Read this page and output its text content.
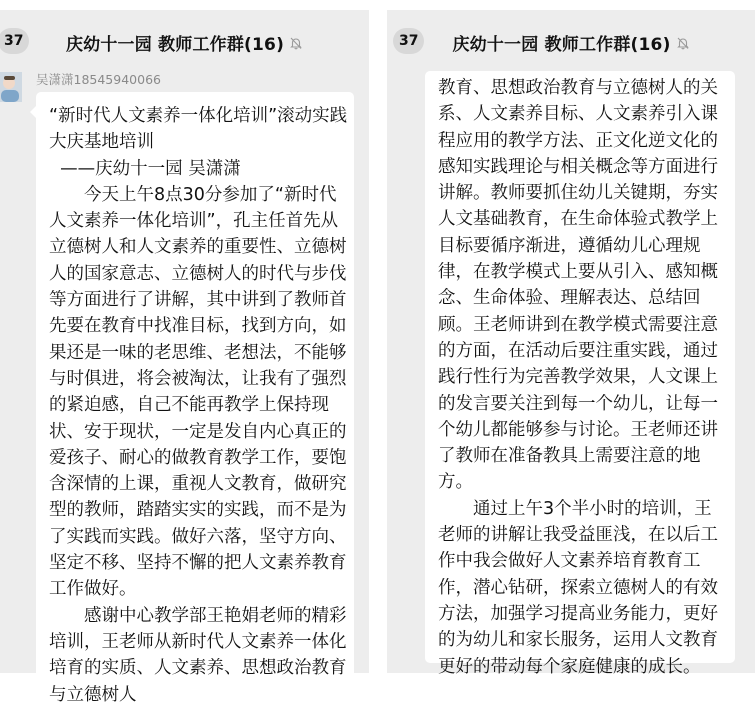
37	庆幼十一园 教师工作群(16)
吴潇潇18545940066

“新时代人文素养一体化培训”滚动实践 大庆基地培训

——庆幼十一园 吴潇潇

　　今天上午8点30分参加了“新时代人文素养一体化培训”，孔主任首先从立德树人和人文素养的重要性、立德树人的国家意志、立德树人的时代与步伐等方面进行了讲解，其中讲到了教师首先要在教育中找准目标，找到方向，如果还是一味的老思维、老想法，不能够与时俱进，将会被淘汰，让我有了强烈的紧迫感，自己不能再教学上保持现状、安于现状，一定是发自内心真正的爱孩子、耐心的做教育教学工作，要饱含深情的上课，重视人文教育，做研究型的教师，踏踏实实的实践，而不是为了实践而实践。做好六落，坚守方向、坚定不移、坚持不懈的把人文素养教育工作做好。

　　感谢中心教学部王艳娟老师的精彩培训，王老师从新时代人文素养一体化培育的实质、人文素养、思想政治教育与立德树人

37	庆幼十一园 教师工作群(16)

教育、思想政治教育与立德树人的关系、人文素养目标、人文素养引入课程应用的教学方法、正文化逆文化的感知实践理论与相关概念等方面进行讲解。教师要抓住幼儿关键期，夯实人文基础教育，在生命体验式教学上目标要循序渐进，遵循幼儿心理规律，在教学模式上要从引入、感知概念、生命体验、理解表达、总结回顾。王老师讲到在教学模式需要注意的方面，在活动后要注重实践，通过践行性行为完善教学效果，人文课上的发言要关注到每一个幼儿，让每一个幼儿都能够参与讨论。王老师还讲了教师在准备教具上需要注意的地方。

　　通过上午3个半小时的培训，王老师的讲解让我受益匪浅，在以后工作中我会做好人文素养培育教育工作，潜心钻研，探索立德树人的有效方法，加强学习提高业务能力，更好的为幼儿和家长服务，运用人文教育更好的带动每个家庭健康的成长。
